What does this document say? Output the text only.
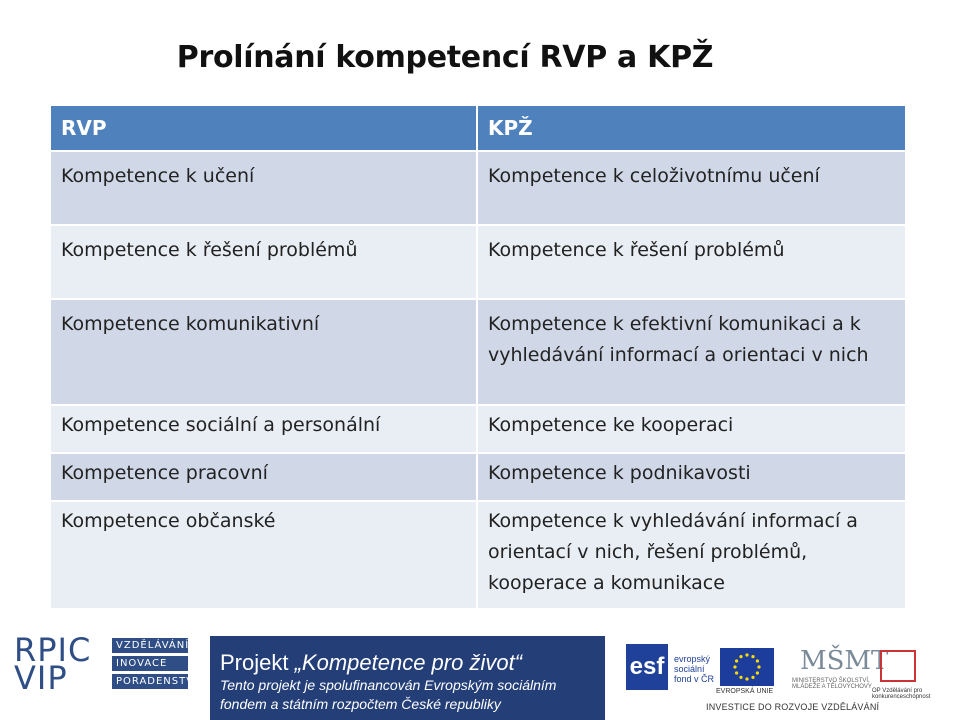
Prolínání kompetencí RVP a KPŽ
RVP	KPŽ
Kompetence k učení	Kompetence k celoživotnímu učení
Kompetence k řešení problémů	Kompetence k řešení problémů
Kompetence komunikativní	Kompetence k efektivní komunikaci a k vyhledávání informací a orientaci v nich
Kompetence sociální a personální	Kompetence ke kooperaci
Kompetence pracovní	Kompetence k podnikavosti
Kompetence občanské	Kompetence k vyhledávání informací a orientací v nich, řešení problémů, kooperace a komunikace
RPIC
VIP
VZDĚLÁVÁNÍ
INOVACE
PORADENSTVÍ
Projekt „Kompetence pro život“
Tento projekt je spolufinancován Evropským sociálním
fondem a státním rozpočtem České republiky
esf	evropský sociální fond v ČR
EVROPSKÁ UNIE
MŠMT
MINISTERSTVO ŠKOLSTVÍ, MLÁDEŽE A TĚLOVÝCHOVY
OP Vzdělávání pro konkurenceschopnost
INVESTICE DO ROZVOJE VZDĚLÁVÁNÍ
